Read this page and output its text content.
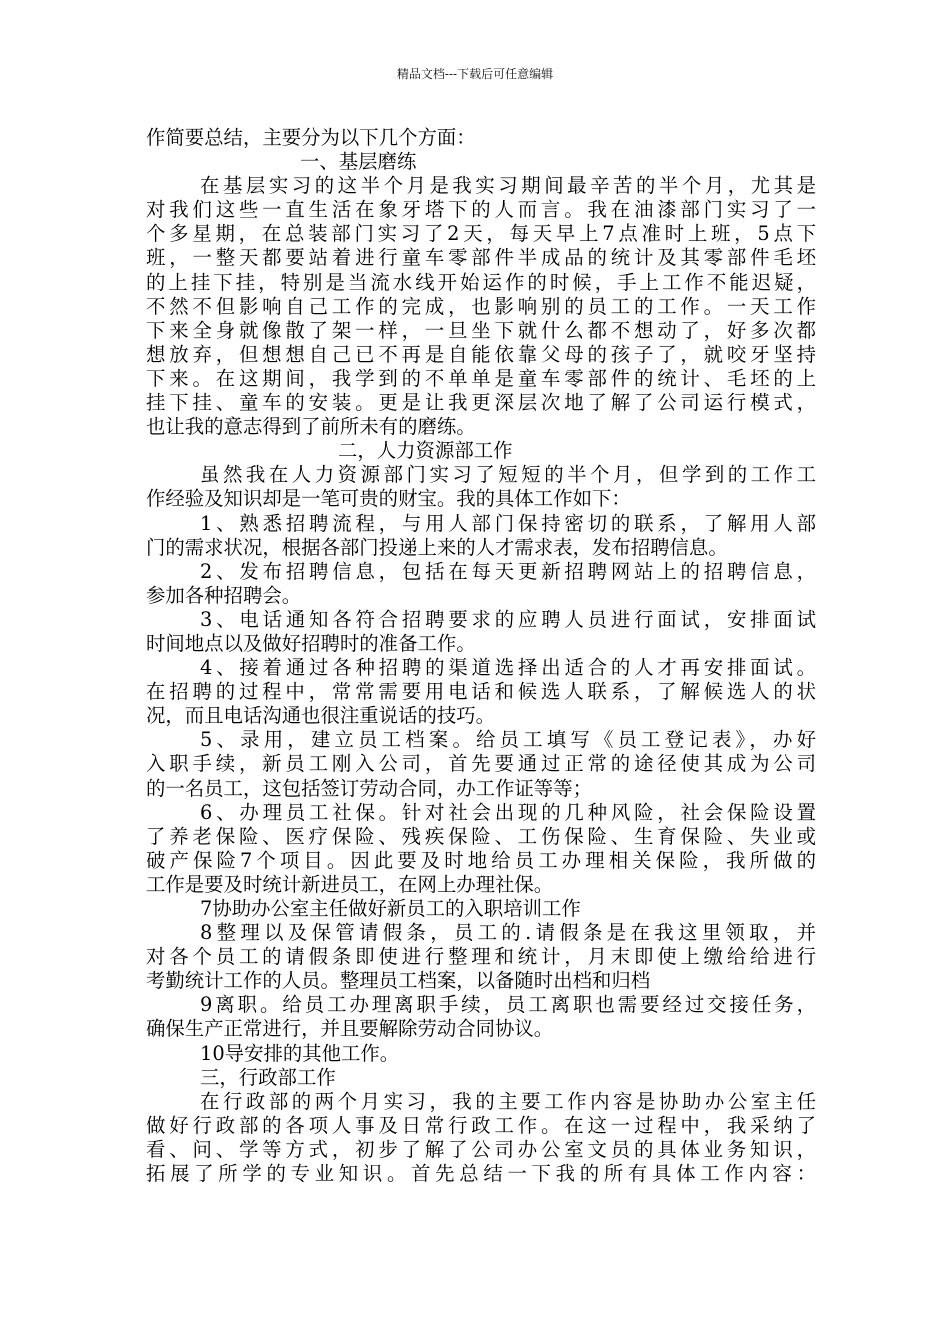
精品文档---下载后可任意编辑
作简要总结，主要分为以下几个方面：
一、基层磨练
在基层实习的这半个月是我实习期间最辛苦的半个月，尤其是
对我们这些一直生活在象牙塔下的人而言。我在油漆部门实习了一
个多星期，在总装部门实习了2天，每天早上7点准时上班，5点下
班，一整天都要站着进行童车零部件半成品的统计及其零部件毛坯
的上挂下挂，特别是当流水线开始运作的时候，手上工作不能迟疑，
不然不但影响自己工作的完成，也影响别的员工的工作。一天工作
下来全身就像散了架一样，一旦坐下就什么都不想动了，好多次都
想放弃，但想想自己已不再是自能依靠父母的孩子了，就咬牙坚持
下来。在这期间，我学到的不单单是童车零部件的统计、毛坯的上
挂下挂、童车的安装。更是让我更深层次地了解了公司运行模式，
也让我的意志得到了前所未有的磨练。
二，人力资源部工作
虽然我在人力资源部门实习了短短的半个月，但学到的工作工
作经验及知识却是一笔可贵的财宝。我的具体工作如下：
1、熟悉招聘流程，与用人部门保持密切的联系，了解用人部
门的需求状况，根据各部门投递上来的人才需求表，发布招聘信息。
2、发布招聘信息，包括在每天更新招聘网站上的招聘信息，
参加各种招聘会。
3、电话通知各符合招聘要求的应聘人员进行面试，安排面试
时间地点以及做好招聘时的准备工作。
4、接着通过各种招聘的渠道选择出适合的人才再安排面试。
在招聘的过程中，常常需要用电话和候选人联系，了解候选人的状
况，而且电话沟通也很注重说话的技巧。
5、录用，建立员工档案。给员工填写《员工登记表》，办好
入职手续，新员工刚入公司，首先要通过正常的途径使其成为公司
的一名员工，这包括签订劳动合同，办工作证等等；
6、办理员工社保。针对社会出现的几种风险，社会保险设置
了养老保险、医疗保险、残疾保险、工伤保险、生育保险、失业或
破产保险7个项目。因此要及时地给员工办理相关保险，我所做的
工作是要及时统计新进员工，在网上办理社保。
7协助办公室主任做好新员工的入职培训工作
8整理以及保管请假条，员工的.请假条是在我这里领取，并
对各个员工的请假条即使进行整理和统计，月末即使上缴给给进行
考勤统计工作的人员。整理员工档案，以备随时出档和归档
9离职。给员工办理离职手续，员工离职也需要经过交接任务，
确保生产正常进行，并且要解除劳动合同协议。
10导安排的其他工作。
三，行政部工作
在行政部的两个月实习，我的主要工作内容是协助办公室主任
做好行政部的各项人事及日常行政工作。在这一过程中，我采纳了
看、问、学等方式，初步了解了公司办公室文员的具体业务知识，
拓展了所学的专业知识。首先总结一下我的所有具体工作内容：
